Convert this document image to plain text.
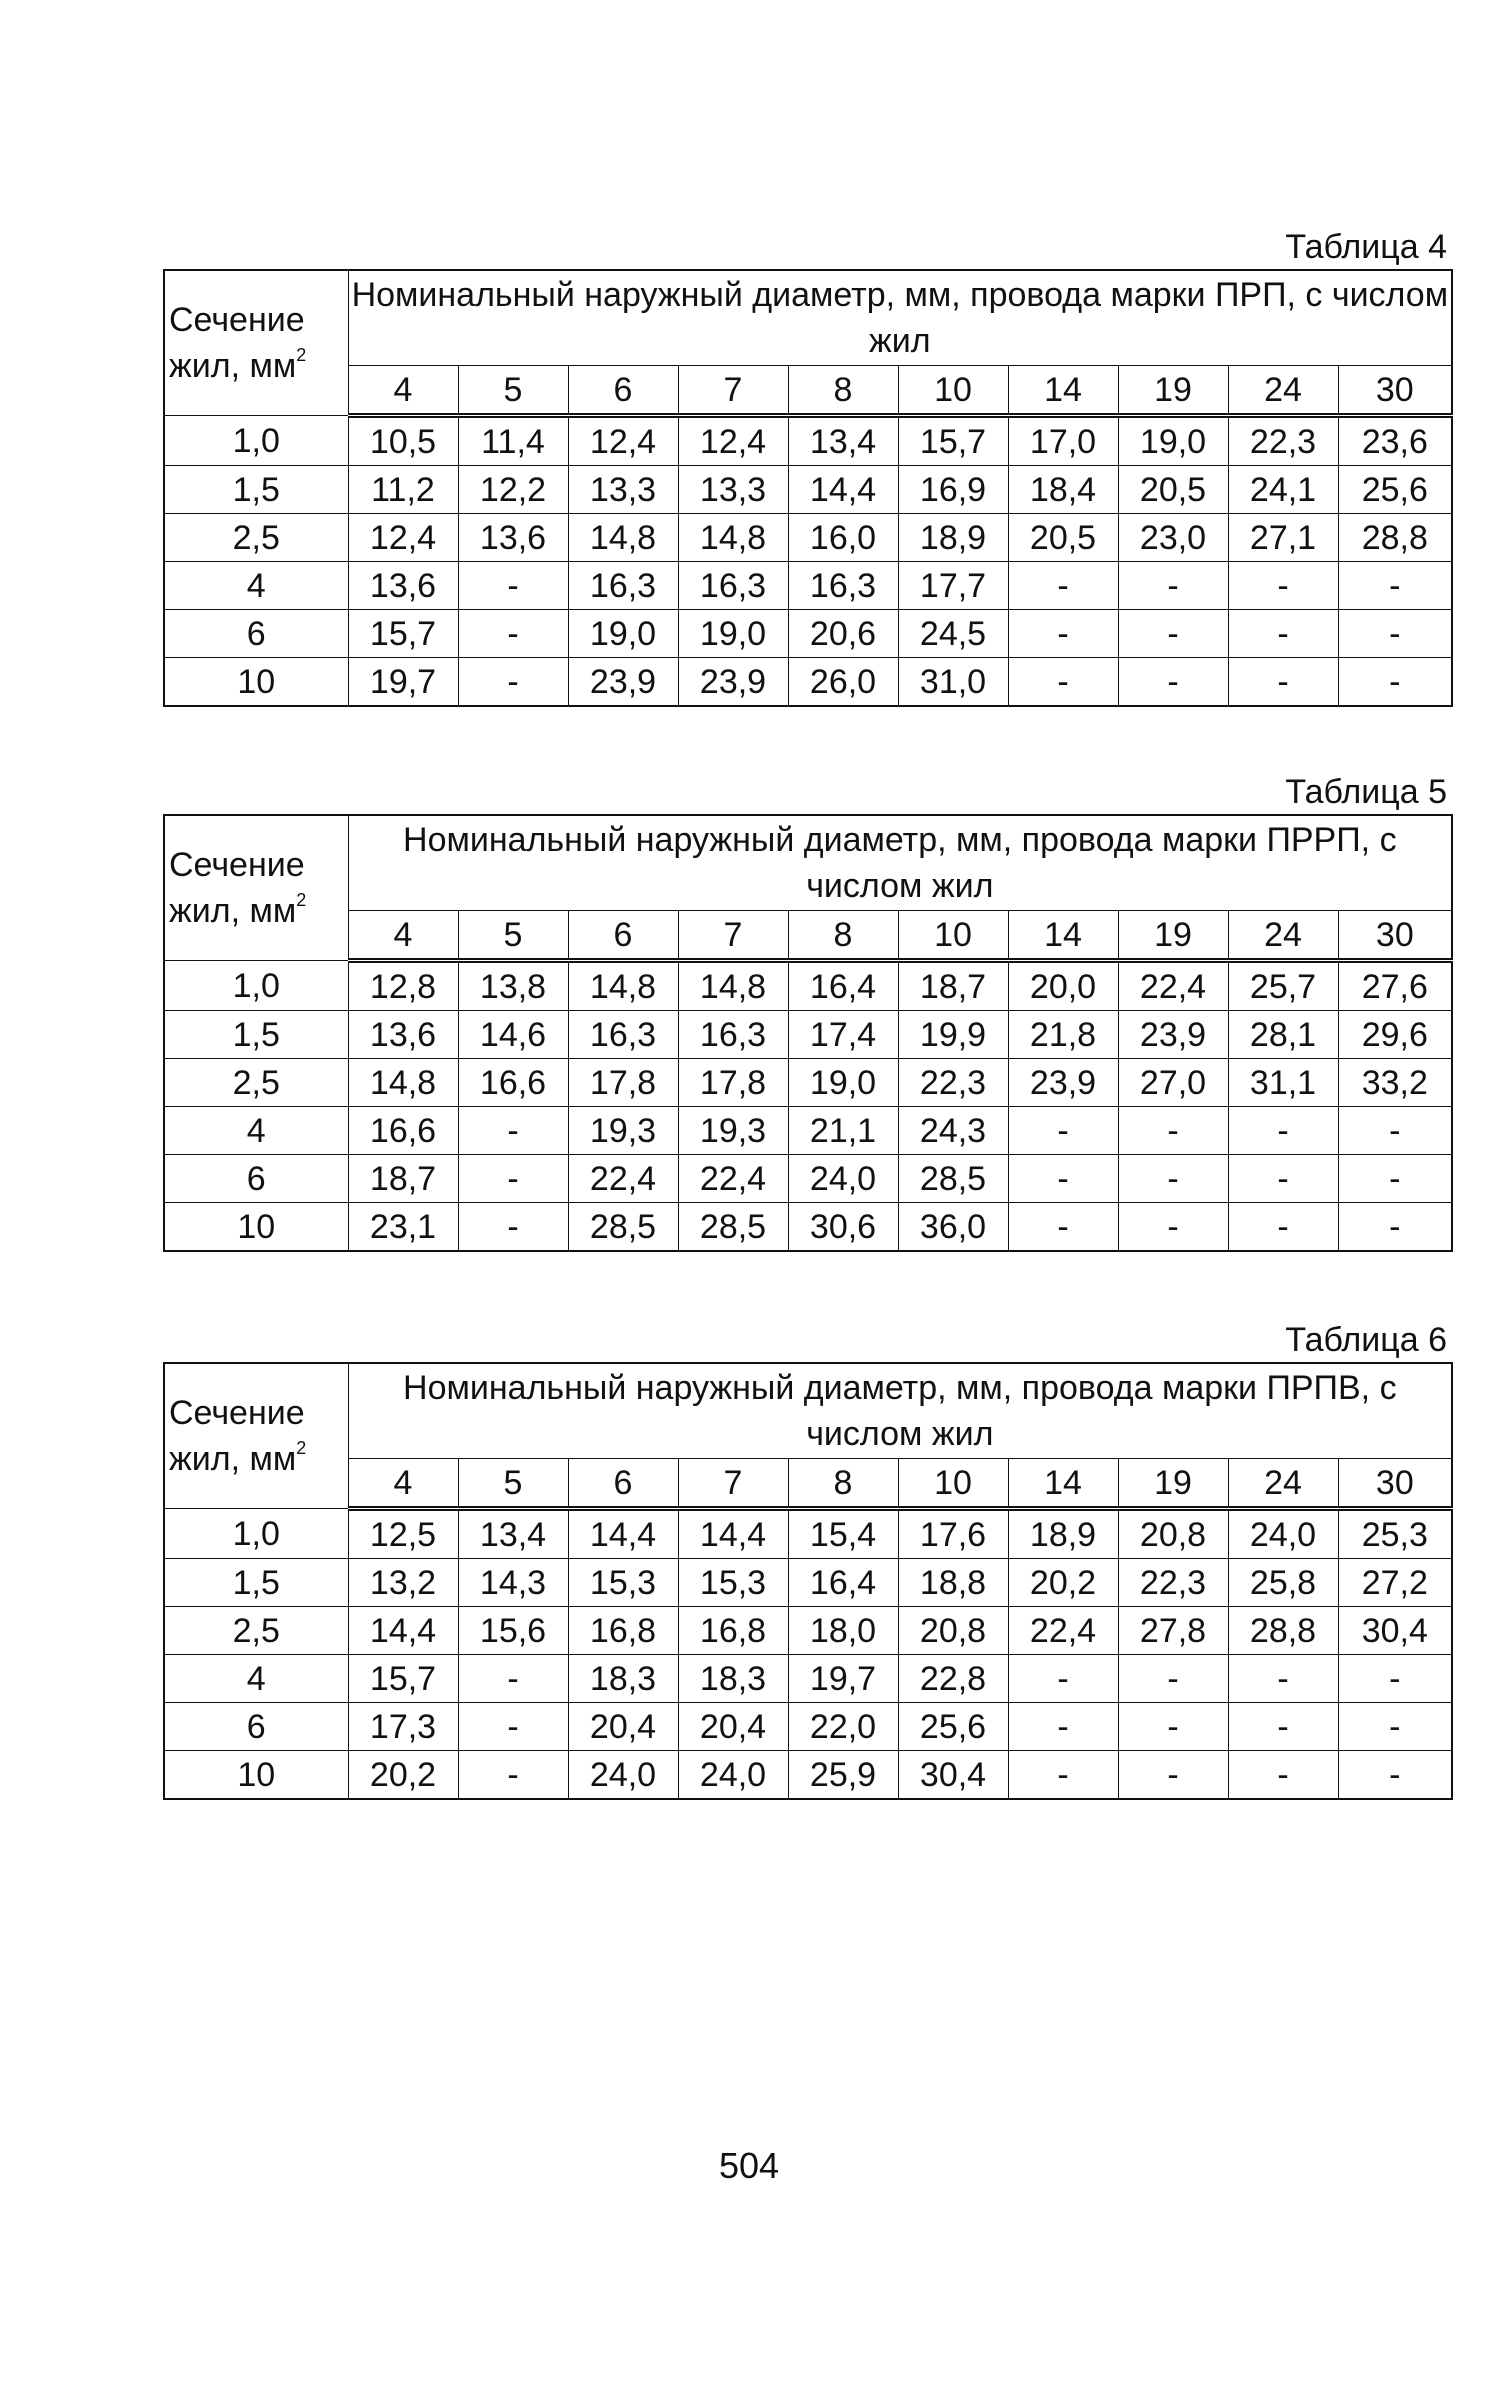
Таблица 4
Сечение жил, $мм^2$	Номинальный наружный диаметр, мм, провода марки ПРП, с числом жил									
	4	5	6	7	8	10	14	19	24	30
1,0	10,5	11,4	12,4	12,4	13,4	15,7	17,0	19,0	22,3	23,6
1,5	11,2	12,2	13,3	13,3	14,4	16,9	18,4	20,5	24,1	25,6
2,5	12,4	13,6	14,8	14,8	16,0	18,9	20,5	23,0	27,1	28,8
4	13,6	-	16,3	16,3	16,3	17,7	-	-	-	-
6	15,7	-	19,0	19,0	20,6	24,5	-	-	-	-
10	19,7	-	23,9	23,9	26,0	31,0	-	-	-	-
Таблица 5
Сечение жил, $мм^2$	Номинальный наружный диаметр, мм, провода марки ПРРП, с числом жил									
	4	5	6	7	8	10	14	19	24	30
1,0	12,8	13,8	14,8	14,8	16,4	18,7	20,0	22,4	25,7	27,6
1,5	13,6	14,6	16,3	16,3	17,4	19,9	21,8	23,9	28,1	29,6
2,5	14,8	16,6	17,8	17,8	19,0	22,3	23,9	27,0	31,1	33,2
4	16,6	-	19,3	19,3	21,1	24,3	-	-	-	-
6	18,7	-	22,4	22,4	24,0	28,5	-	-	-	-
10	23,1	-	28,5	28,5	30,6	36,0	-	-	-	-
Таблица 6
Сечение жил, $мм^2$	Номинальный наружный диаметр, мм, провода марки ПРПВ, с числом жил									
	4	5	6	7	8	10	14	19	24	30
1,0	12,5	13,4	14,4	14,4	15,4	17,6	18,9	20,8	24,0	25,3
1,5	13,2	14,3	15,3	15,3	16,4	18,8	20,2	22,3	25,8	27,2
2,5	14,4	15,6	16,8	16,8	18,0	20,8	22,4	27,8	28,8	30,4
4	15,7	-	18,3	18,3	19,7	22,8	-	-	-	-
6	17,3	-	20,4	20,4	22,0	25,6	-	-	-	-
10	20,2	-	24,0	24,0	25,9	30,4	-	-	-	-
504
